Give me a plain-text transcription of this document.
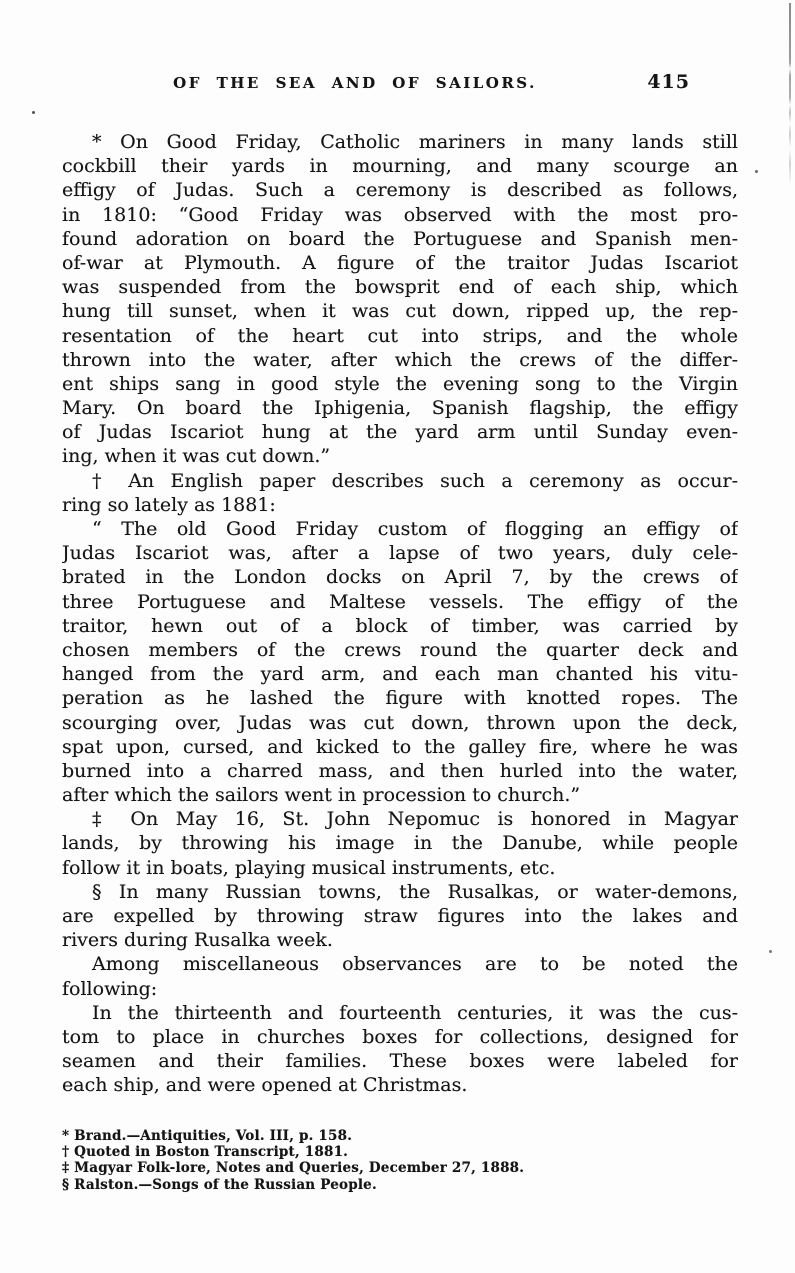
OF THE SEA AND OF SAILORS.	415
* On Good Friday, Catholic mariners in many lands still
cockbill their yards in mourning, and many scourge an
effigy of Judas. Such a ceremony is described as follows,
in 1810: “Good Friday was observed with the most pro-
found adoration on board the Portuguese and Spanish men-
of-war at Plymouth. A figure of the traitor Judas Iscariot
was suspended from the bowsprit end of each ship, which
hung till sunset, when it was cut down, ripped up, the rep-
resentation of the heart cut into strips, and the whole
thrown into the water, after which the crews of the differ-
ent ships sang in good style the evening song to the Virgin
Mary. On board the Iphigenia, Spanish flagship, the effigy
of Judas Iscariot hung at the yard arm until Sunday even-
ing, when it was cut down.”
† An English paper describes such a ceremony as occur-
ring so lately as 1881:
“ The old Good Friday custom of flogging an effigy of
Judas Iscariot was, after a lapse of two years, duly cele-
brated in the London docks on April 7, by the crews of
three Portuguese and Maltese vessels. The effigy of the
traitor, hewn out of a block of timber, was carried by
chosen members of the crews round the quarter deck and
hanged from the yard arm, and each man chanted his vitu-
peration as he lashed the figure with knotted ropes. The
scourging over, Judas was cut down, thrown upon the deck,
spat upon, cursed, and kicked to the galley fire, where he was
burned into a charred mass, and then hurled into the water,
after which the sailors went in procession to church.”
‡ On May 16, St. John Nepomuc is honored in Magyar
lands, by throwing his image in the Danube, while people
follow it in boats, playing musical instruments, etc.
§ In many Russian towns, the Rusalkas, or water-demons,
are expelled by throwing straw figures into the lakes and
rivers during Rusalka week.
Among miscellaneous observances are to be noted the
following:
In the thirteenth and fourteenth centuries, it was the cus-
tom to place in churches boxes for collections, designed for
seamen and their families. These boxes were labeled for
each ship, and were opened at Christmas.
* Brand.—Antiquities, Vol. III, p. 158.
† Quoted in Boston Transcript, 1881.
‡ Magyar Folk-lore, Notes and Queries, December 27, 1888.
§ Ralston.—Songs of the Russian People.
